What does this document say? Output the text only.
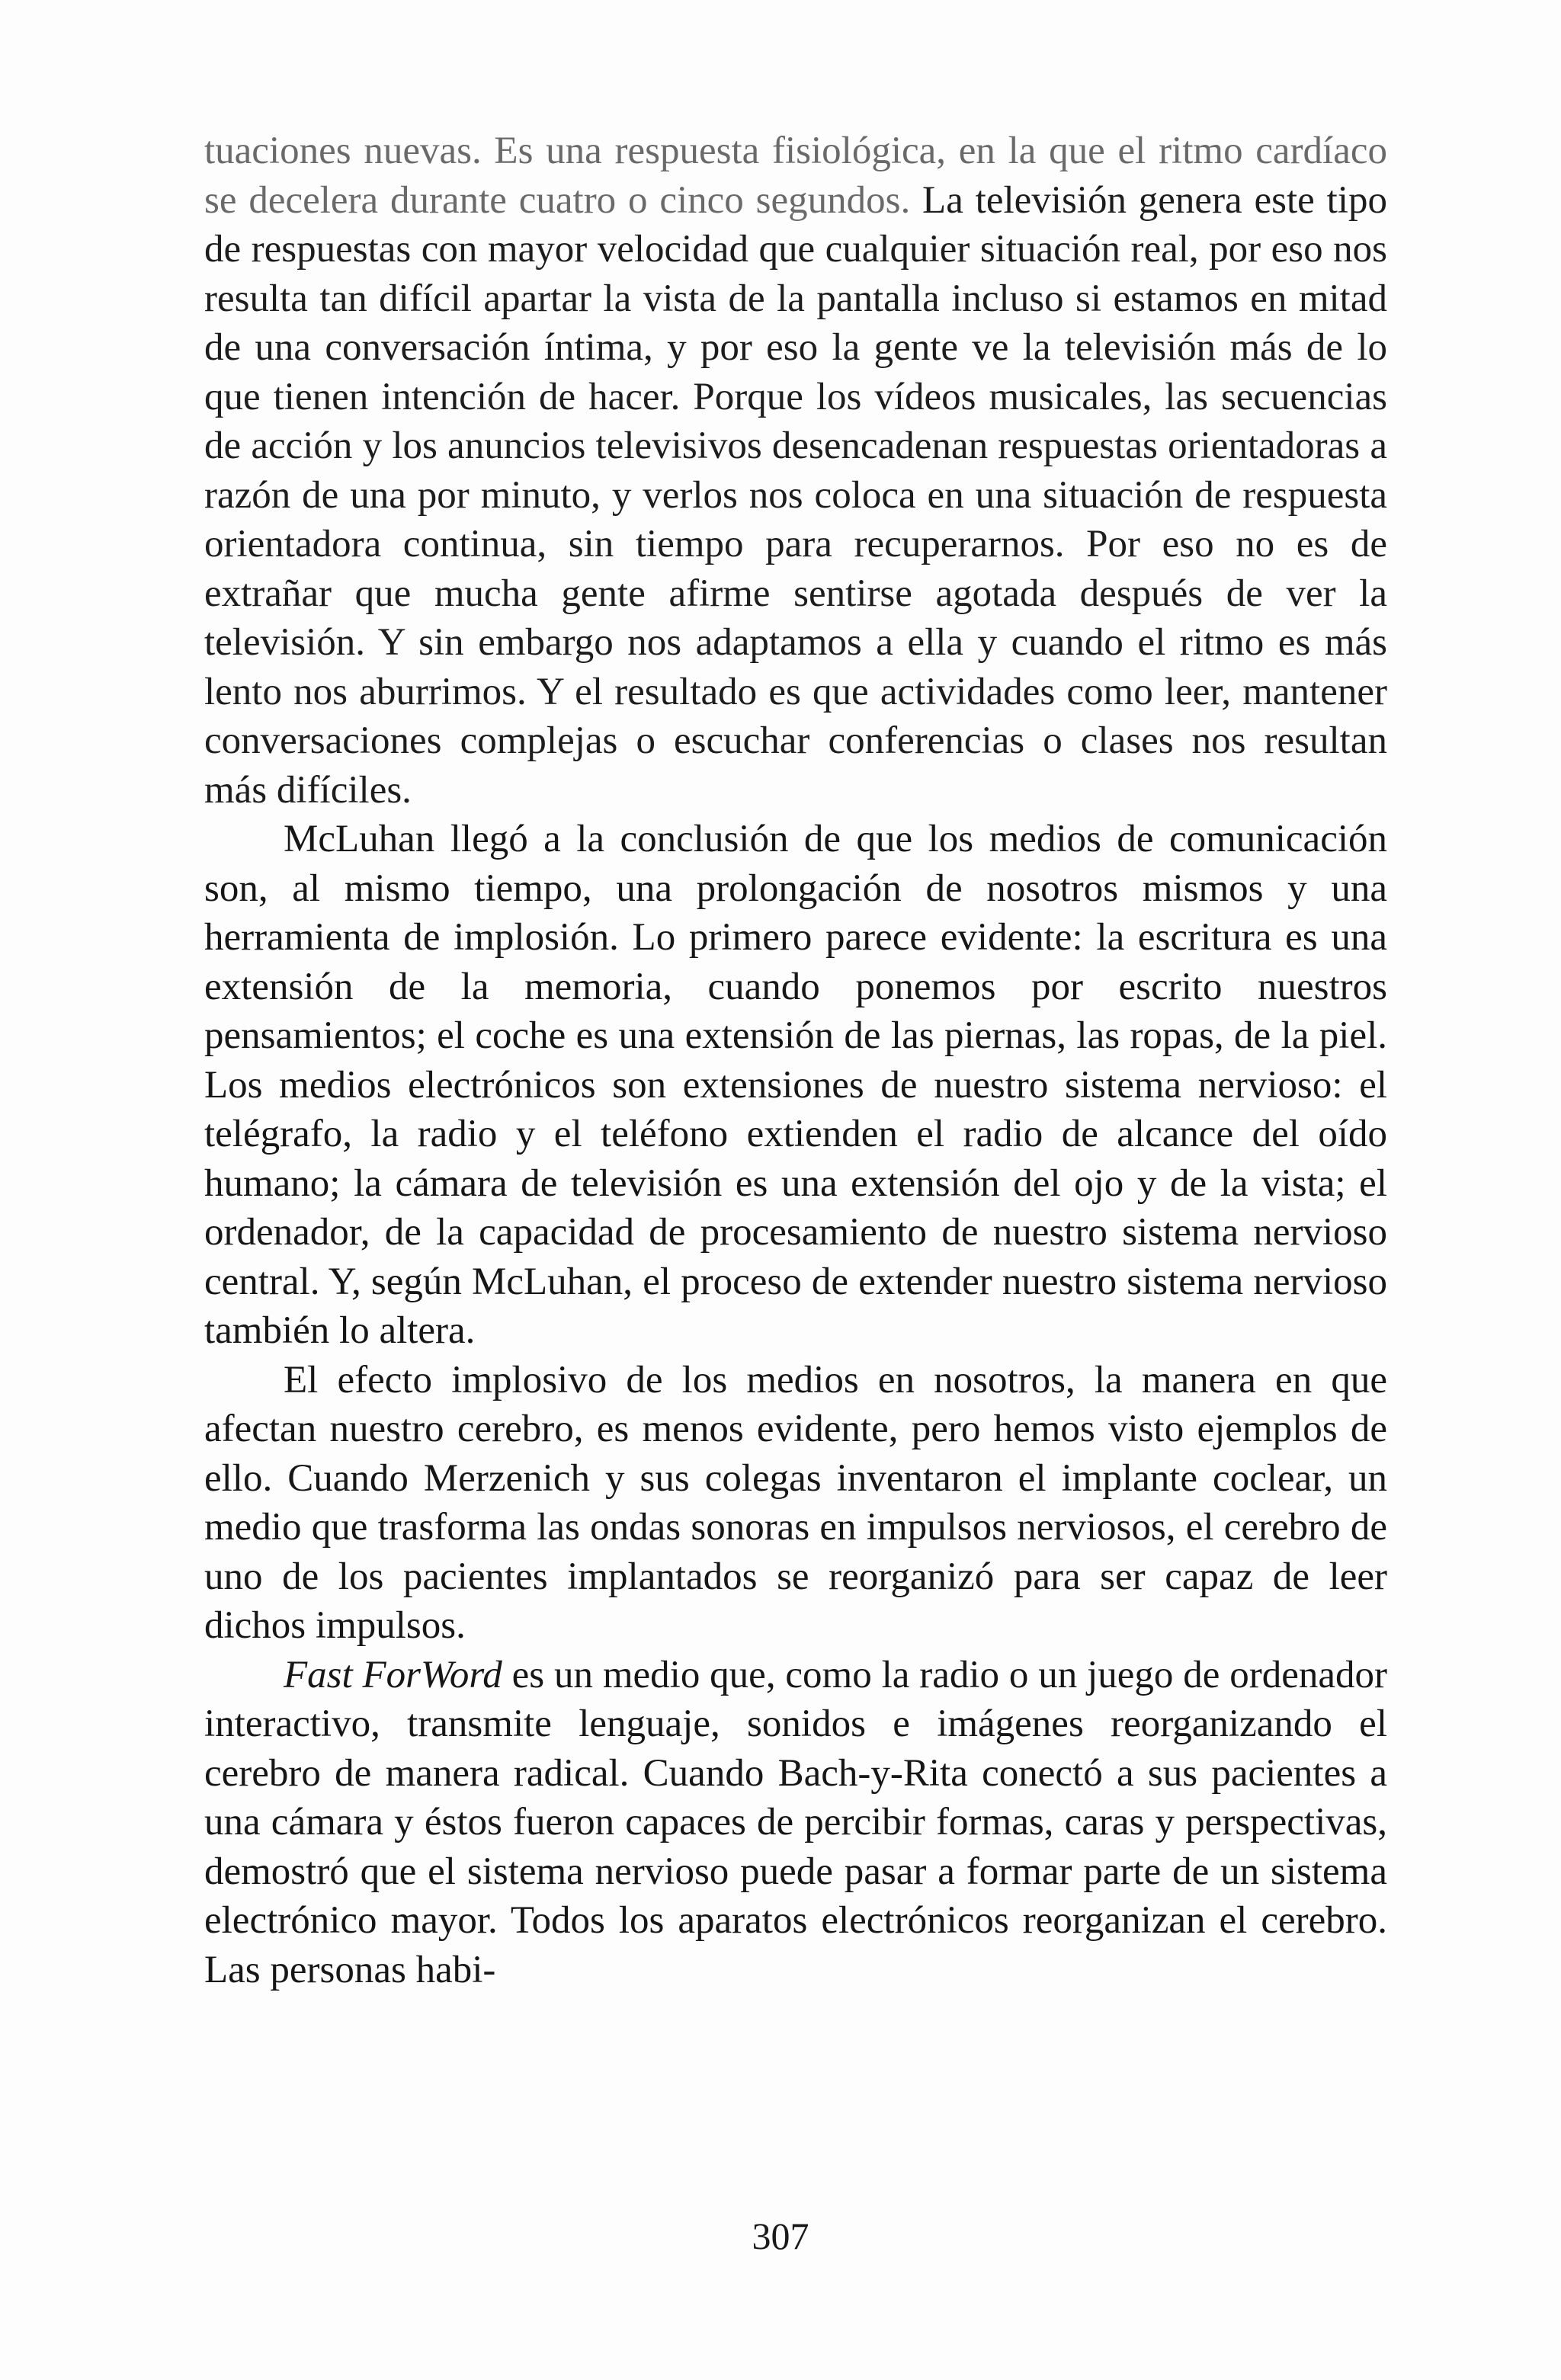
tuaciones nuevas. Es una respuesta fisiológica, en la que el ritmo cardíaco se decelera durante cuatro o cinco segundos. La televisión genera este tipo de respuestas con mayor velocidad que cualquier situación real, por eso nos resulta tan difícil apartar la vista de la pantalla incluso si estamos en mitad de una conversación íntima, y por eso la gente ve la televisión más de lo que tienen intención de hacer. Porque los vídeos musicales, las secuencias de acción y los anuncios televisivos desencadenan respuestas orientadoras a razón de una por minuto, y verlos nos coloca en una situación de respuesta orientadora continua, sin tiempo para recuperarnos. Por eso no es de extrañar que mucha gente afirme sentirse agotada después de ver la televisión. Y sin embargo nos adaptamos a ella y cuando el ritmo es más lento nos aburrimos. Y el resultado es que actividades como leer, mantener conversaciones complejas o escuchar conferencias o clases nos resultan más difíciles.

McLuhan llegó a la conclusión de que los medios de comunicación son, al mismo tiempo, una prolongación de nosotros mismos y una herramienta de implosión. Lo primero parece evidente: la escritura es una extensión de la memoria, cuando ponemos por escrito nuestros pensamientos; el coche es una extensión de las piernas, las ropas, de la piel. Los medios electrónicos son extensiones de nuestro sistema nervioso: el telégrafo, la radio y el teléfono extienden el radio de alcance del oído humano; la cámara de televisión es una extensión del ojo y de la vista; el ordenador, de la capacidad de procesamiento de nuestro sistema nervioso central. Y, según McLuhan, el proceso de extender nuestro sistema nervioso también lo altera.

El efecto implosivo de los medios en nosotros, la manera en que afectan nuestro cerebro, es menos evidente, pero hemos visto ejemplos de ello. Cuando Merzenich y sus colegas inventaron el implante coclear, un medio que trasforma las ondas sonoras en impulsos nerviosos, el cerebro de uno de los pacientes implantados se reorganizó para ser capaz de leer dichos impulsos.

Fast ForWord es un medio que, como la radio o un juego de ordenador interactivo, transmite lenguaje, sonidos e imágenes reorganizando el cerebro de manera radical. Cuando Bach-y-Rita conectó a sus pacientes a una cámara y éstos fueron capaces de percibir formas, caras y perspectivas, demostró que el sistema nervioso puede pasar a formar parte de un sistema electrónico mayor. Todos los aparatos electrónicos reorganizan el cerebro. Las personas habi-

307
